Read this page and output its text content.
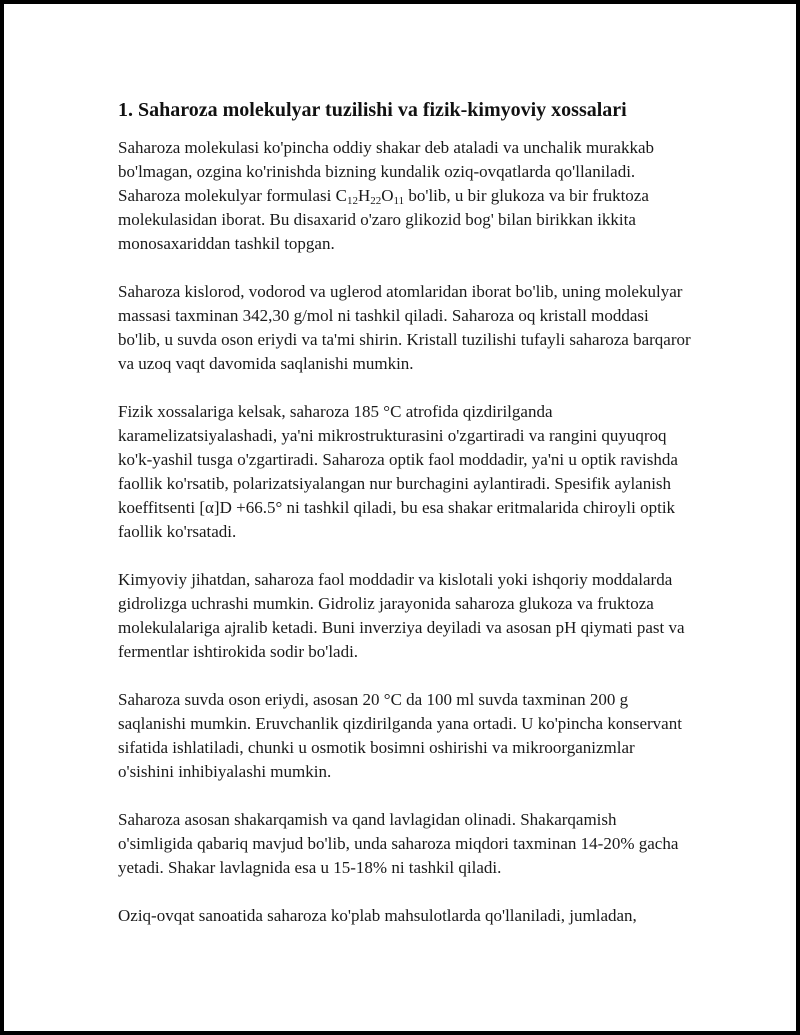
1. Saharoza molekulyar tuzilishi va fizik-kimyoviy xossalari

Saharoza molekulasi ko'pincha oddiy shakar deb ataladi va unchalik murakkab bo'lmagan, ozgina ko'rinishda bizning kundalik oziq-ovqatlarda qo'llaniladi. Saharoza molekulyar formulasi $C_{12}H_{22}O_{11}$ bo'lib, u bir glukoza va bir fruktoza molekulasidan iborat. Bu disaxarid o'zaro glikozid bog' bilan birikkan ikkita monosaxariddan tashkil topgan.

Saharoza kislorod, vodorod va uglerod atomlaridan iborat bo'lib, uning molekulyar massasi taxminan 342,30 g/mol ni tashkil qiladi. Saharoza oq kristall moddasi bo'lib, u suvda oson eriydi va ta'mi shirin. Kristall tuzilishi tufayli saharoza barqaror va uzoq vaqt davomida saqlanishi mumkin.

Fizik xossalariga kelsak, saharoza 185 °C atrofida qizdirilganda karamelizatsiyalashadi, ya'ni mikrostrukturasini o'zgartiradi va rangini quyuqroq ko'k-yashil tusga o'zgartiradi. Saharoza optik faol moddadir, ya'ni u optik ravishda faollik ko'rsatib, polarizatsiyalangan nur burchagini aylantiradi. Spesifik aylanish koeffitsenti [α]D +66.5° ni tashkil qiladi, bu esa shakar eritmalarida chiroyli optik faollik ko'rsatadi.

Kimyoviy jihatdan, saharoza faol moddadir va kislotali yoki ishqoriy moddalarda gidrolizga uchrashi mumkin. Gidroliz jarayonida saharoza glukoza va fruktoza molekulalariga ajralib ketadi. Buni inverziya deyiladi va asosan pH qiymati past va fermentlar ishtirokida sodir bo'ladi.

Saharoza suvda oson eriydi, asosan 20 °C da 100 ml suvda taxminan 200 g saqlanishi mumkin. Eruvchanlik qizdirilganda yana ortadi. U ko'pincha konservant sifatida ishlatiladi, chunki u osmotik bosimni oshirishi va mikroorganizmlar o'sishini inhibiyalashi mumkin.

Saharoza asosan shakarqamish va qand lavlagidan olinadi. Shakarqamish o'simligida qabariq mavjud bo'lib, unda saharoza miqdori taxminan 14-20% gacha yetadi. Shakar lavlagnida esa u 15-18% ni tashkil qiladi.

Oziq-ovqat sanoatida saharoza ko'plab mahsulotlarda qo'llaniladi, jumladan,
